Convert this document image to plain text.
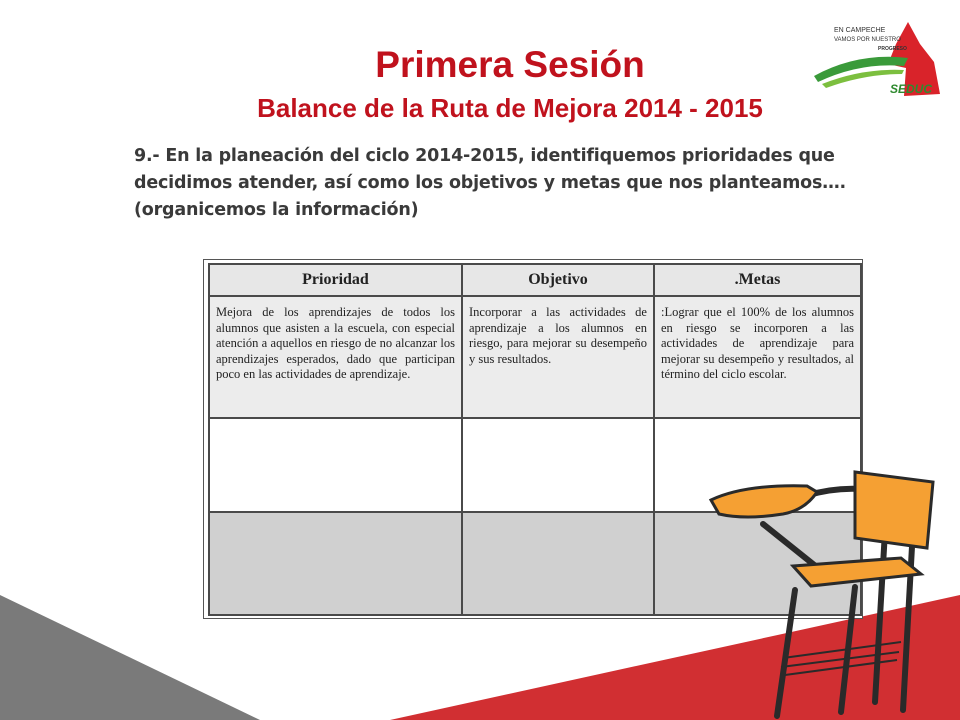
EN CAMPECHE
VAMOS POR NUESTRO
PROGRESO
SEDUC
Primera Sesión
Balance de la Ruta de Mejora 2014 - 2015

9.- En la planeación del ciclo 2014-2015, identifiquemos prioridades que decidimos atender, así como los objetivos y metas que nos planteamos…. (organicemos la información)

Prioridad	Objetivo	.Metas

Mejora de los aprendizajes de todos los alumnos que asisten a la escuela, con especial atención a aquellos en riesgo de no alcanzar los aprendizajes esperados, dado que participan poco en las actividades de aprendizaje.	Incorporar a las actividades de aprendizaje a los alumnos en riesgo, para mejorar su desempeño y sus resultados.	:Lograr que el 100% de los alumnos en riesgo se incorporen a las actividades de aprendizaje para mejorar su desempeño y resultados, al término del ciclo escolar.
